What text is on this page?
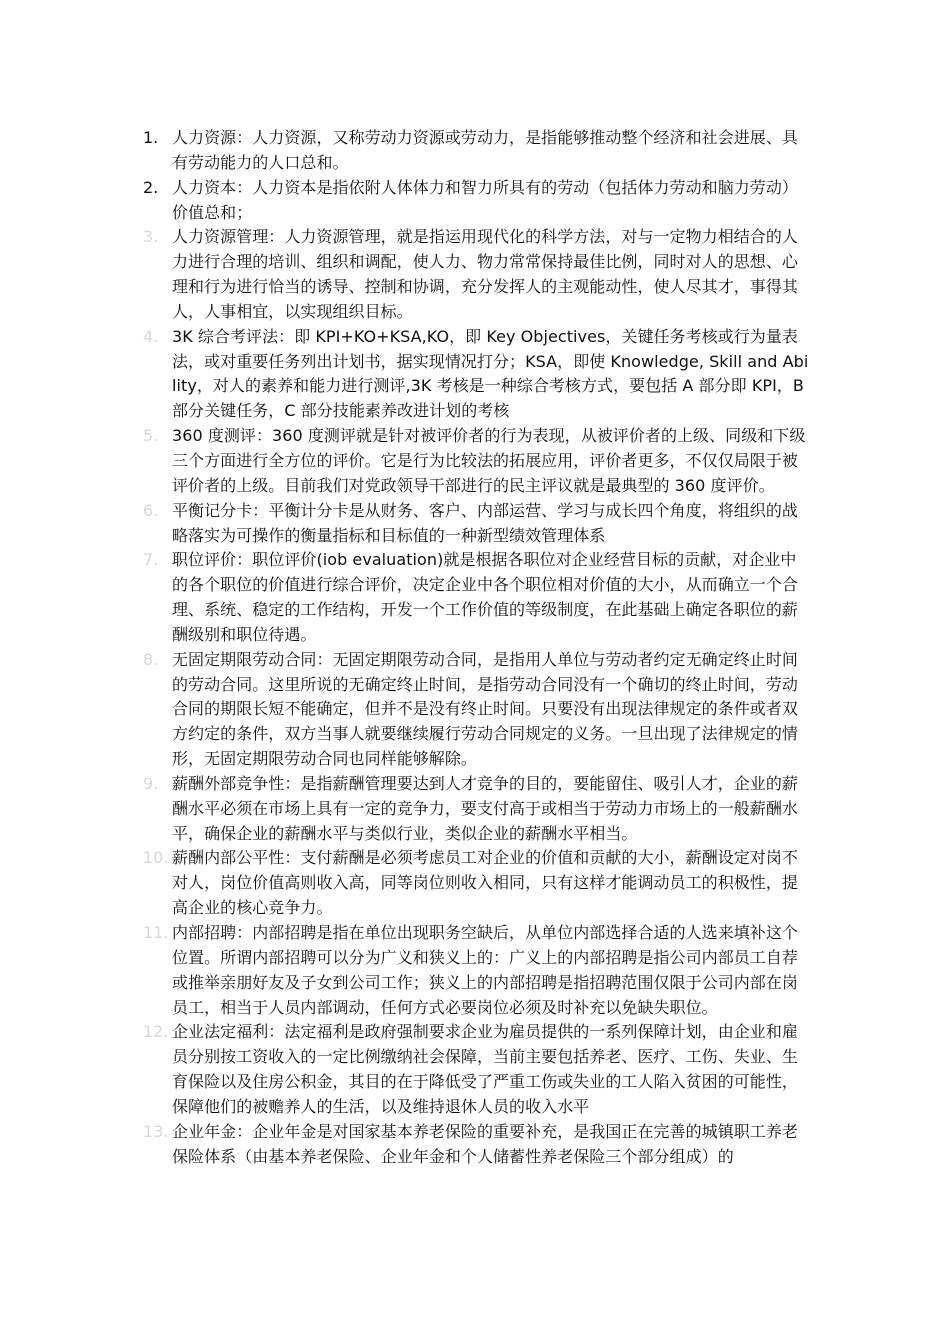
1. 人力资源：人力资源，又称劳动力资源或劳动力，是指能够推动整个经济和社会进展、具有劳动能力的人口总和。
2. 人力资本：人力资本是指依附人体体力和智力所具有的劳动（包括体力劳动和脑力劳动）价值总和；
3. 人力资源管理：人力资源管理，就是指运用现代化的科学方法，对与一定物力相结合的人力进行合理的培训、组织和调配，使人力、物力常常保持最佳比例，同时对人的思想、心理和行为进行恰当的诱导、控制和协调，充分发挥人的主观能动性，使人尽其才，事得其人，人事相宜，以实现组织目标。
4. 3K 综合考评法：即 KPI+KO+KSA,KO，即 Key Objectives，关键任务考核或行为量表法，或对重要任务列出计划书，据实现情况打分；KSA，即使 Knowledge, Skill and Ability，对人的素养和能力进行测评,3K 考核是一种综合考核方式，要包括 A 部分即 KPI，B 部分关键任务，C 部分技能素养改进计划的考核
5. 360 度测评：360 度测评就是针对被评价者的行为表现，从被评价者的上级、同级和下级三个方面进行全方位的评价。它是行为比较法的拓展应用，评价者更多，不仅仅局限于被评价者的上级。目前我们对党政领导干部进行的民主评议就是最典型的 360 度评价。
6. 平衡记分卡：平衡计分卡是从财务、客户、内部运营、学习与成长四个角度，将组织的战略落实为可操作的衡量指标和目标值的一种新型绩效管理体系
7. 职位评价：职位评价(iob evaluation)就是根据各职位对企业经营目标的贡献，对企业中的各个职位的价值进行综合评价，决定企业中各个职位相对价值的大小，从而确立一个合理、系统、稳定的工作结构，开发一个工作价值的等级制度，在此基础上确定各职位的薪酬级别和职位待遇。
8. 无固定期限劳动合同：无固定期限劳动合同，是指用人单位与劳动者约定无确定终止时间的劳动合同。这里所说的无确定终止时间，是指劳动合同没有一个确切的终止时间，劳动合同的期限长短不能确定，但并不是没有终止时间。只要没有出现法律规定的条件或者双方约定的条件，双方当事人就要继续履行劳动合同规定的义务。一旦出现了法律规定的情形，无固定期限劳动合同也同样能够解除。
9. 薪酬外部竞争性：是指薪酬管理要达到人才竞争的目的，要能留住、吸引人才，企业的薪酬水平必须在市场上具有一定的竞争力，要支付高于或相当于劳动力市场上的一般薪酬水平，确保企业的薪酬水平与类似行业，类似企业的薪酬水平相当。
10. 薪酬内部公平性：支付薪酬是必须考虑员工对企业的价值和贡献的大小，薪酬设定对岗不对人，岗位价值高则收入高，同等岗位则收入相同，只有这样才能调动员工的积极性，提高企业的核心竞争力。
11. 内部招聘：内部招聘是指在单位出现职务空缺后，从单位内部选择合适的人选来填补这个位置。所谓内部招聘可以分为广义和狭义上的：广义上的内部招聘是指公司内部员工自荐或推举亲朋好友及子女到公司工作；狭义上的内部招聘是指招聘范围仅限于公司内部在岗员工，相当于人员内部调动，任何方式必要岗位必须及时补充以免缺失职位。
12. 企业法定福利：法定福利是政府强制要求企业为雇员提供的一系列保障计划，由企业和雇员分别按工资收入的一定比例缴纳社会保障，当前主要包括养老、医疗、工伤、失业、生育保险以及住房公积金，其目的在于降低受了严重工伤或失业的工人陷入贫困的可能性，保障他们的被赡养人的生活，以及维持退休人员的收入水平
13. 企业年金：企业年金是对国家基本养老保险的重要补充，是我国正在完善的城镇职工养老保险体系（由基本养老保险、企业年金和个人储蓄性养老保险三个部分组成）的
